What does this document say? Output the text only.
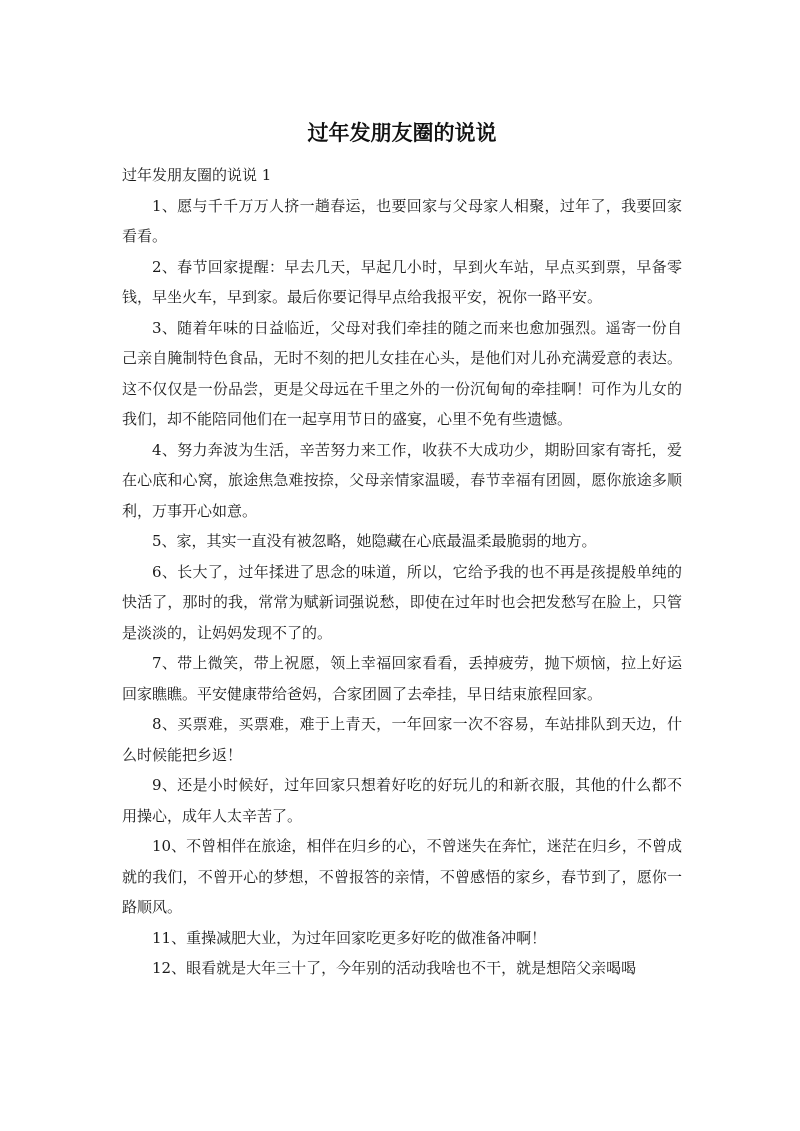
过年发朋友圈的说说

过年发朋友圈的说说 1

1、愿与千千万万人挤一趟春运，也要回家与父母家人相聚，过年了，我要回家看看。

2、春节回家提醒：早去几天，早起几小时，早到火车站，早点买到票，早备零钱，早坐火车，早到家。最后你要记得早点给我报平安，祝你一路平安。

3、随着年味的日益临近，父母对我们牵挂的随之而来也愈加强烈。遥寄一份自己亲自腌制特色食品，无时不刻的把儿女挂在心头，是他们对儿孙充满爱意的表达。这不仅仅是一份品尝，更是父母远在千里之外的一份沉甸甸的牵挂啊！可作为儿女的我们，却不能陪同他们在一起享用节日的盛宴，心里不免有些遗憾。

4、努力奔波为生活，辛苦努力来工作，收获不大成功少，期盼回家有寄托，爱在心底和心窝，旅途焦急难按捺，父母亲情家温暖，春节幸福有团圆，愿你旅途多顺利，万事开心如意。

5、家，其实一直没有被忽略，她隐藏在心底最温柔最脆弱的地方。

6、长大了，过年揉进了思念的味道，所以，它给予我的也不再是孩提般单纯的快活了，那时的我，常常为赋新词强说愁，即使在过年时也会把发愁写在脸上，只管是淡淡的，让妈妈发现不了的。

7、带上微笑，带上祝愿，领上幸福回家看看，丢掉疲劳，抛下烦恼，拉上好运回家瞧瞧。平安健康带给爸妈，合家团圆了去牵挂，早日结束旅程回家。

8、买票难，买票难，难于上青天，一年回家一次不容易，车站排队到天边，什么时候能把乡返！

9、还是小时候好，过年回家只想着好吃的好玩儿的和新衣服，其他的什么都不用操心，成年人太辛苦了。

10、不曾相伴在旅途，相伴在归乡的心，不曾迷失在奔忙，迷茫在归乡，不曾成就的我们，不曾开心的梦想，不曾报答的亲情，不曾感悟的家乡，春节到了，愿你一路顺风。

11、重操减肥大业，为过年回家吃更多好吃的做准备冲啊！

12、眼看就是大年三十了，今年别的活动我啥也不干，就是想陪父亲喝喝
